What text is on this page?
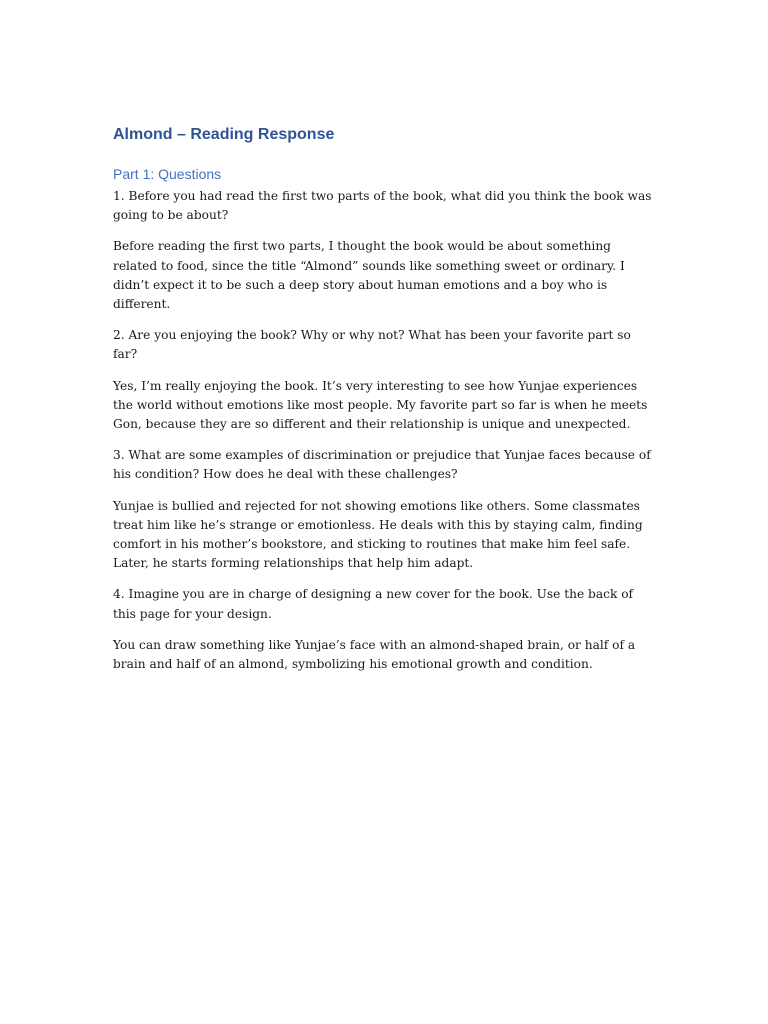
Almond – Reading Response
Part 1: Questions

1. Before you had read the first two parts of the book, what did you think the book was going to be about?

Before reading the first two parts, I thought the book would be about something related to food, since the title “Almond” sounds like something sweet or ordinary. I didn’t expect it to be such a deep story about human emotions and a boy who is different.

2. Are you enjoying the book? Why or why not? What has been your favorite part so far?

Yes, I’m really enjoying the book. It’s very interesting to see how Yunjae experiences the world without emotions like most people. My favorite part so far is when he meets Gon, because they are so different and their relationship is unique and unexpected.

3. What are some examples of discrimination or prejudice that Yunjae faces because of his condition? How does he deal with these challenges?

Yunjae is bullied and rejected for not showing emotions like others. Some classmates treat him like he’s strange or emotionless. He deals with this by staying calm, finding comfort in his mother’s bookstore, and sticking to routines that make him feel safe. Later, he starts forming relationships that help him adapt.

4. Imagine you are in charge of designing a new cover for the book. Use the back of this page for your design.

You can draw something like Yunjae’s face with an almond-shaped brain, or half of a brain and half of an almond, symbolizing his emotional growth and condition.
